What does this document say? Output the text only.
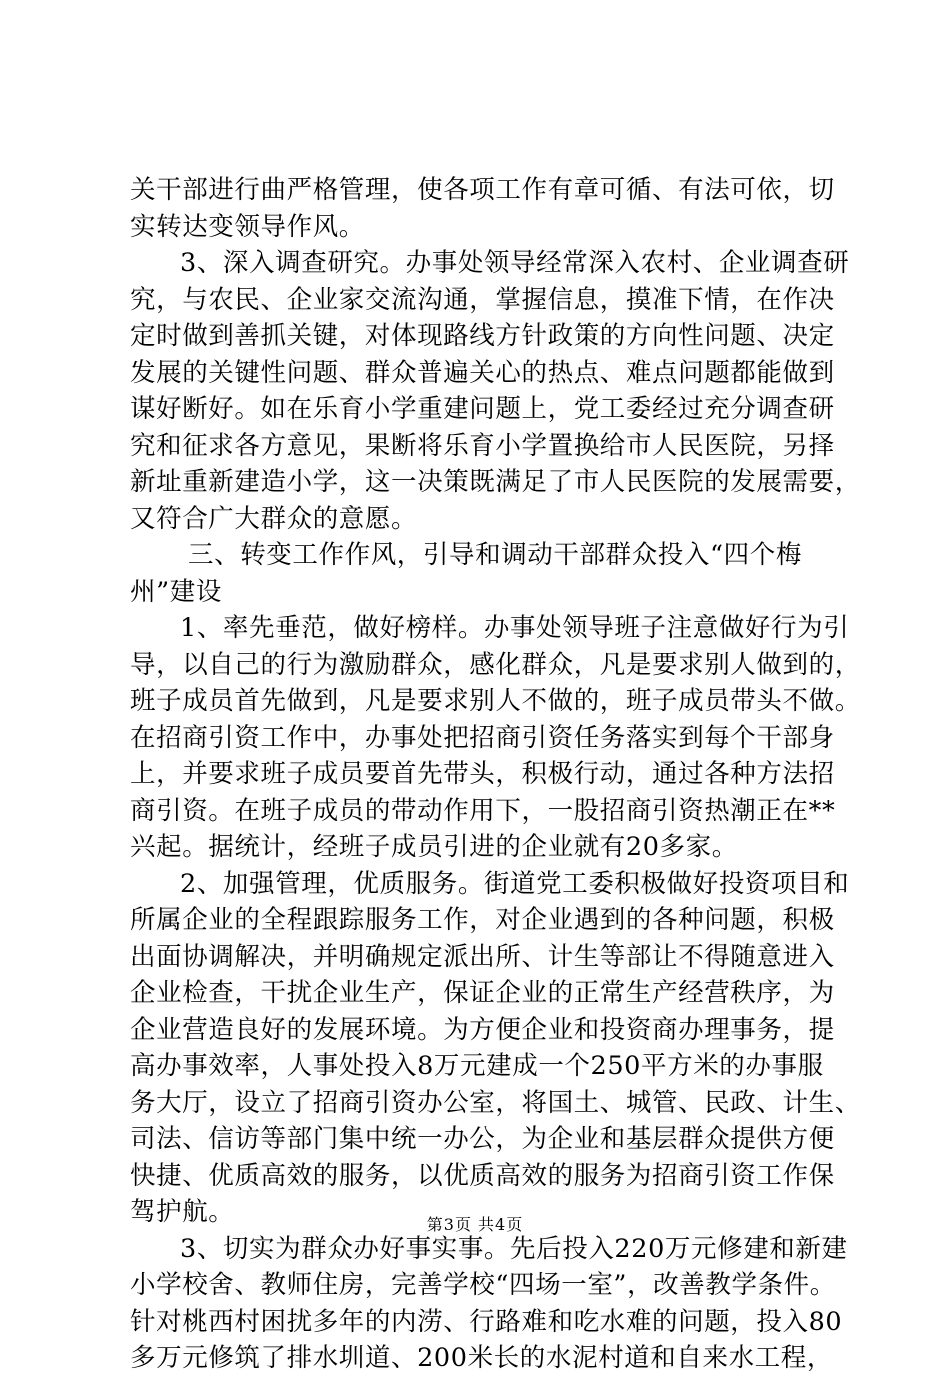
关干部进行曲严格管理，使各项工作有章可循、有法可依，切
实转达变领导作风。
3、深入调查研究。办事处领导经常深入农村、企业调查研
究，与农民、企业家交流沟通，掌握信息，摸准下情，在作决
定时做到善抓关键，对体现路线方针政策的方向性问题、决定
发展的关键性问题、群众普遍关心的热点、难点问题都能做到
谋好断好。如在乐育小学重建问题上，党工委经过充分调查研
究和征求各方意见，果断将乐育小学置换给市人民医院，另择
新址重新建造小学，这一决策既满足了市人民医院的发展需要，
又符合广大群众的意愿。
三、转变工作作风，引导和调动干部群众投入“四个梅
州”建设
1、率先垂范，做好榜样。办事处领导班子注意做好行为引
导，以自己的行为激励群众，感化群众，凡是要求别人做到的，
班子成员首先做到，凡是要求别人不做的，班子成员带头不做。
在招商引资工作中，办事处把招商引资任务落实到每个干部身
上，并要求班子成员要首先带头，积极行动，通过各种方法招
商引资。在班子成员的带动作用下，一股招商引资热潮正在**
兴起。据统计，经班子成员引进的企业就有20多家。
2、加强管理，优质服务。街道党工委积极做好投资项目和
所属企业的全程跟踪服务工作，对企业遇到的各种问题，积极
出面协调解决，并明确规定派出所、计生等部让不得随意进入
企业检查，干扰企业生产，保证企业的正常生产经营秩序，为
企业营造良好的发展环境。为方便企业和投资商办理事务，提
高办事效率，人事处投入8万元建成一个250平方米的办事服
务大厅，设立了招商引资办公室，将国土、城管、民政、计生、
司法、信访等部门集中统一办公，为企业和基层群众提供方便
快捷、优质高效的服务，以优质高效的服务为招商引资工作保
驾护航。
3、切实为群众办好事实事。先后投入220万元修建和新建
小学校舍、教师住房，完善学校“四场一室”，改善教学条件。
针对桃西村困扰多年的内涝、行路难和吃水难的问题，投入80
多万元修筑了排水圳道、200米长的水泥村道和自来水工程，
第3页 共4页
